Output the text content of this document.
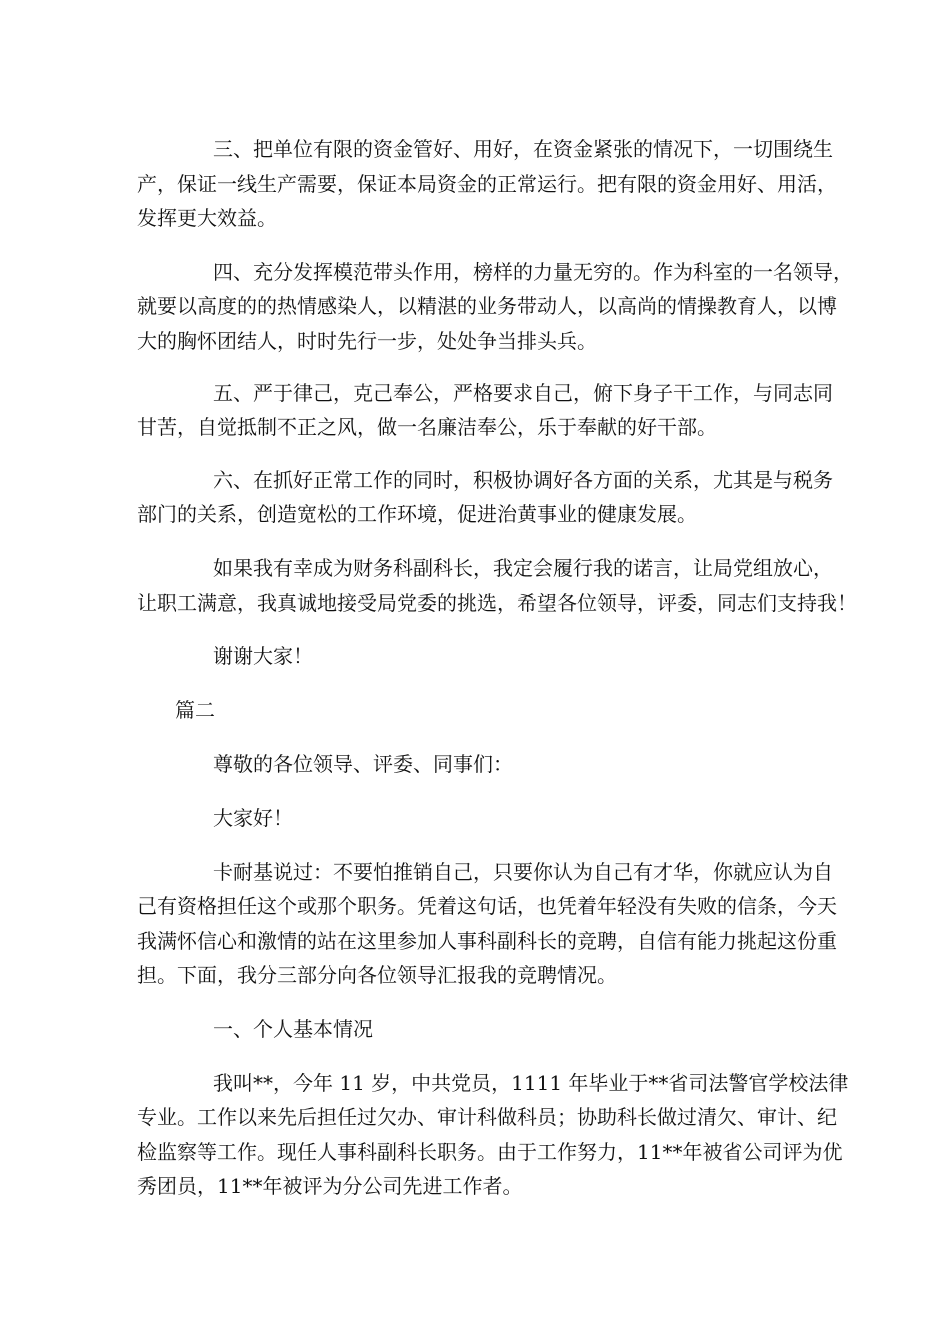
三、把单位有限的资金管好、用好，在资金紧张的情况下，一切围绕生

产，保证一线生产需要，保证本局资金的正常运行。把有限的资金用好、用活，

发挥更大效益。

四、充分发挥模范带头作用，榜样的力量无穷的。作为科室的一名领导，

就要以高度的的热情感染人，以精湛的业务带动人，以高尚的情操教育人，以博

大的胸怀团结人，时时先行一步，处处争当排头兵。

五、严于律己，克己奉公，严格要求自己，俯下身子干工作，与同志同

甘苦，自觉抵制不正之风，做一名廉洁奉公，乐于奉献的好干部。

六、在抓好正常工作的同时，积极协调好各方面的关系，尤其是与税务

部门的关系，创造宽松的工作环境，促进治黄事业的健康发展。

如果我有幸成为财务科副科长，我定会履行我的诺言，让局党组放心，

让职工满意，我真诚地接受局党委的挑选，希望各位领导，评委，同志们支持我！

谢谢大家！

篇二

尊敬的各位领导、评委、同事们：

大家好！

卡耐基说过：不要怕推销自己，只要你认为自己有才华，你就应认为自

己有资格担任这个或那个职务。凭着这句话，也凭着年轻没有失败的信条，今天

我满怀信心和激情的站在这里参加人事科副科长的竞聘，自信有能力挑起这份重

担。下面，我分三部分向各位领导汇报我的竞聘情况。

一、个人基本情况

我叫**，今年 11 岁，中共党员，1111 年毕业于**省司法警官学校法律

专业。工作以来先后担任过欠办、审计科做科员；协助科长做过清欠、审计、纪

检监察等工作。现任人事科副科长职务。由于工作努力，11**年被省公司评为优

秀团员，11**年被评为分公司先进工作者。
